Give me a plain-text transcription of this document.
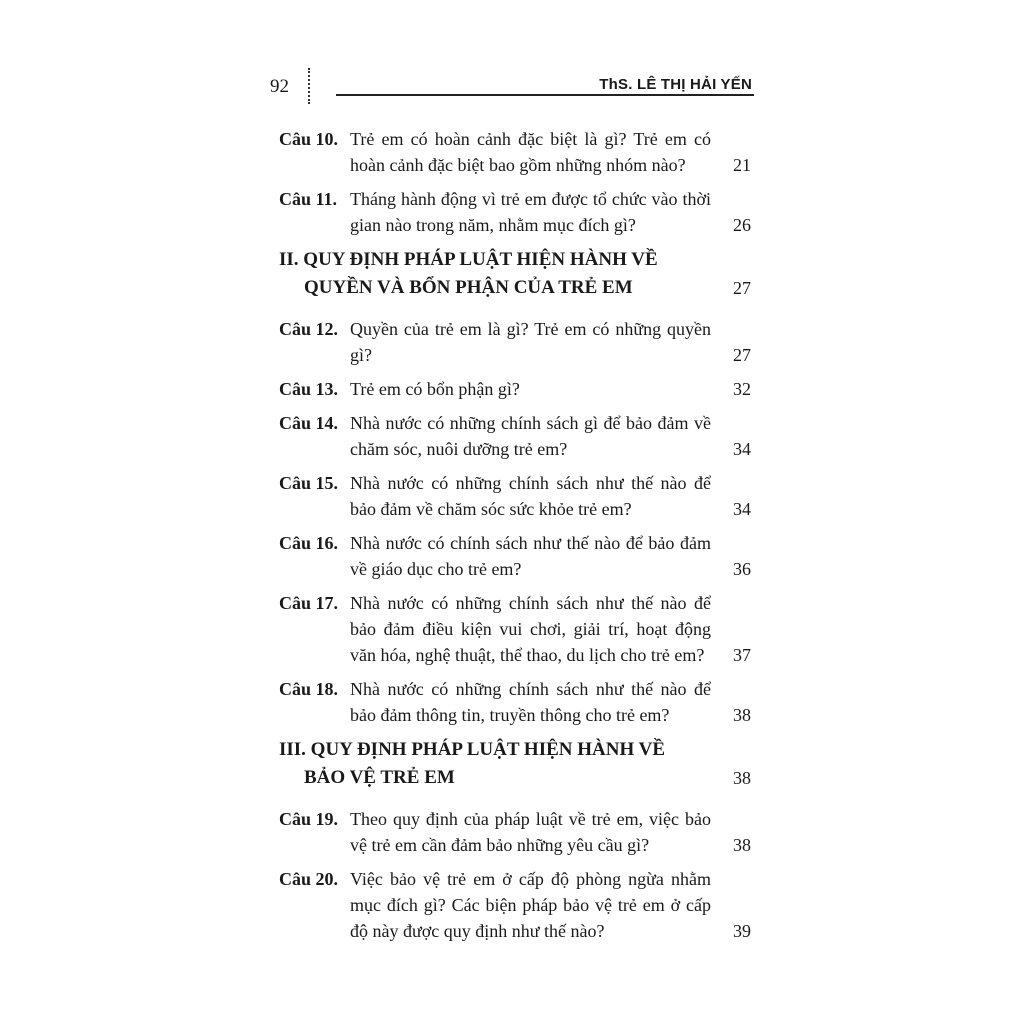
92	ThS. LÊ THỊ HẢI YẾN
Câu 10. Trẻ em có hoàn cảnh đặc biệt là gì? Trẻ em có hoàn cảnh đặc biệt bao gồm những nhóm nào?	21
Câu 11. Tháng hành động vì trẻ em được tổ chức vào thời gian nào trong năm, nhằm mục đích gì?	26
II. QUY ĐỊNH PHÁP LUẬT HIỆN HÀNH VỀ
QUYỀN VÀ BỔN PHẬN CỦA TRẺ EM	27
Câu 12. Quyền của trẻ em là gì? Trẻ em có những quyền gì?	27
Câu 13. Trẻ em có bổn phận gì?	32
Câu 14. Nhà nước có những chính sách gì để bảo đảm về chăm sóc, nuôi dưỡng trẻ em?	34
Câu 15. Nhà nước có những chính sách như thế nào để bảo đảm về chăm sóc sức khỏe trẻ em?	34
Câu 16. Nhà nước có chính sách như thế nào để bảo đảm về giáo dục cho trẻ em?	36
Câu 17. Nhà nước có những chính sách như thế nào để bảo đảm điều kiện vui chơi, giải trí, hoạt động văn hóa, nghệ thuật, thể thao, du lịch cho trẻ em?	37
Câu 18. Nhà nước có những chính sách như thế nào để bảo đảm thông tin, truyền thông cho trẻ em?	38
III. QUY ĐỊNH PHÁP LUẬT HIỆN HÀNH VỀ
BẢO VỆ TRẺ EM	38
Câu 19. Theo quy định của pháp luật về trẻ em, việc bảo vệ trẻ em cần đảm bảo những yêu cầu gì?	38
Câu 20. Việc bảo vệ trẻ em ở cấp độ phòng ngừa nhằm mục đích gì? Các biện pháp bảo vệ trẻ em ở cấp độ này được quy định như thế nào?	39
